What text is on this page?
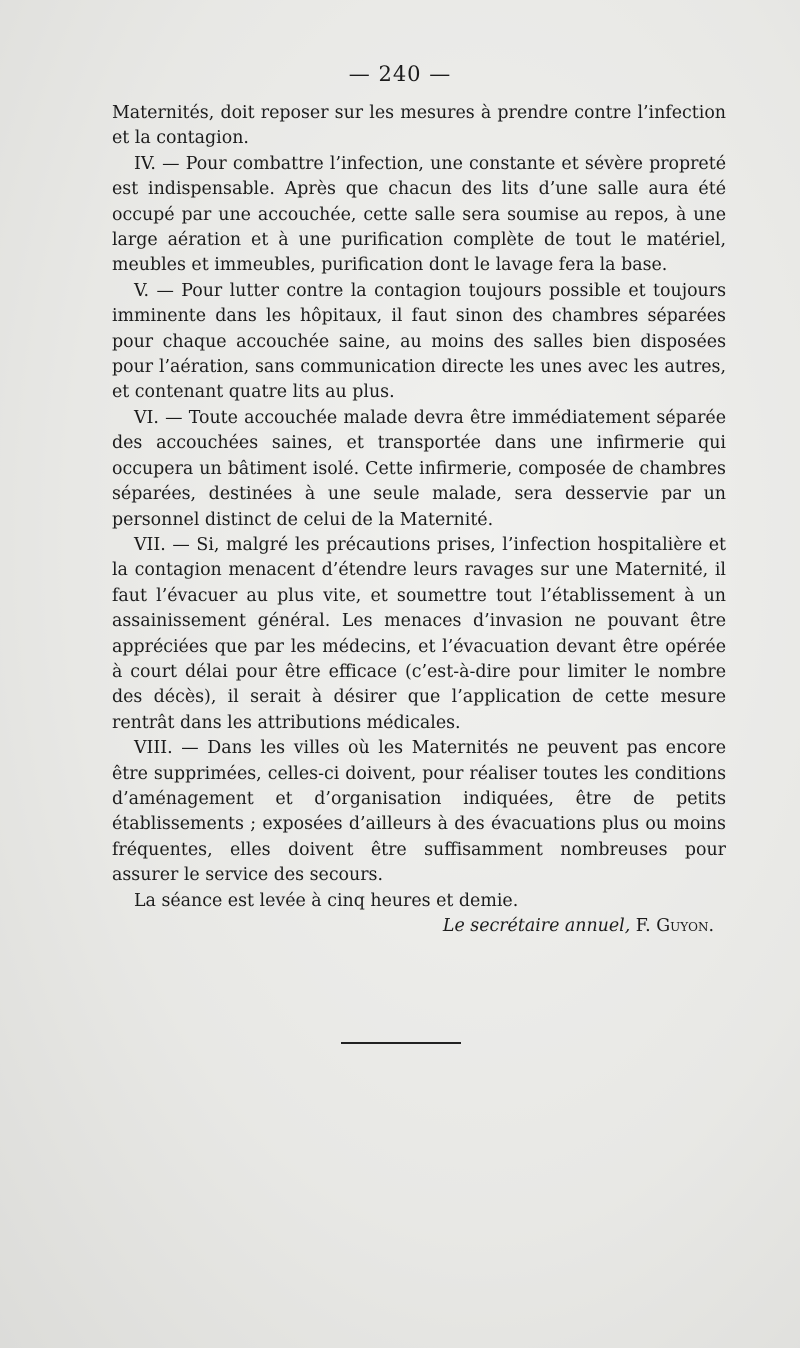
— 240 —

Maternités, doit reposer sur les mesures à prendre contre l’infection et la contagion.

IV. — Pour combattre l’infection, une constante et sévère propreté est indispensable. Après que chacun des lits d’une salle aura été occupé par une accouchée, cette salle sera soumise au repos, à une large aération et à une purification complète de tout le matériel, meubles et immeubles, purification dont le lavage fera la base.

V. — Pour lutter contre la contagion toujours possible et toujours imminente dans les hôpitaux, il faut sinon des chambres séparées pour chaque accouchée saine, au moins des salles bien disposées pour l’aération, sans communication directe les unes avec les autres, et contenant quatre lits au plus.

VI. — Toute accouchée malade devra être immédiatement séparée des accouchées saines, et transportée dans une infirmerie qui occupera un bâtiment isolé. Cette infirmerie, composée de chambres séparées, destinées à une seule malade, sera desservie par un personnel distinct de celui de la Maternité.

VII. — Si, malgré les précautions prises, l’infection hospitalière et la contagion menacent d’étendre leurs ravages sur une Maternité, il faut l’évacuer au plus vite, et soumettre tout l’établissement à un assainissement général. Les menaces d’invasion ne pouvant être appréciées que par les médecins, et l’évacuation devant être opérée à court délai pour être efficace (c’est-à-dire pour limiter le nombre des décès), il serait à désirer que l’application de cette mesure rentrât dans les attributions médicales.

VIII. — Dans les villes où les Maternités ne peuvent pas encore être supprimées, celles-ci doivent, pour réaliser toutes les conditions d’aménagement et d’organisation indiquées, être de petits établissements ; exposées d’ailleurs à des évacuations plus ou moins fréquentes, elles doivent être suffisamment nombreuses pour assurer le service des secours.

La séance est levée à cinq heures et demie.

Le secrétaire annuel, F. Guyon.
